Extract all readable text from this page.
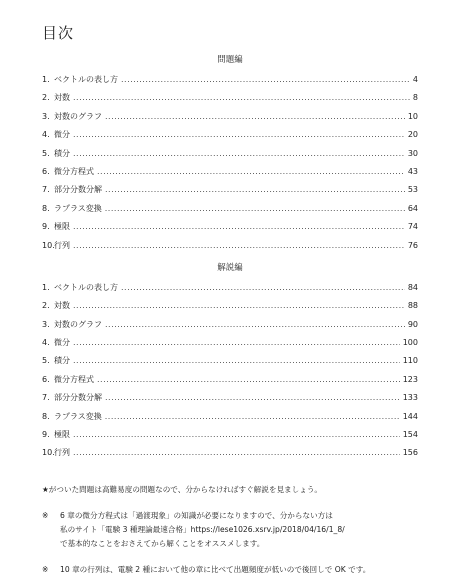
目次
問題編
1. ベクトルの表し方 .....	4
2. 対数 .....	8
3. 対数のグラフ .....	10
4. 微分 .....	20
5. 積分 .....	30
6. 微分方程式 .....	43
7. 部分分数分解 .....	53
8. ラプラス変換 .....	64
9. 極限 .....	74
10. 行列 .....	76
解説編
1. ベクトルの表し方 .....	84
2. 対数 .....	88
3. 対数のグラフ .....	90
4. 微分 .....	100
5. 積分 .....	110
6. 微分方程式 .....	123
7. 部分分数分解 .....	133
8. ラプラス変換 .....	144
9. 極限 .....	154
10. 行列 .....	156
★がついた問題は高難易度の問題なので、分からなければすぐ解説を見ましょう。
※	6 章の微分方程式は「過渡現象」の知識が必要になりますので、分からない方は
私のサイト「電験 3 種理論最速合格」https://lese1026.xsrv.jp/2018/04/16/1_8/
で基本的なことをおさえてから解くことをオススメします。
※	10 章の行列は、電験 2 種において他の章に比べて出題頻度が低いので後回しで OK です。
